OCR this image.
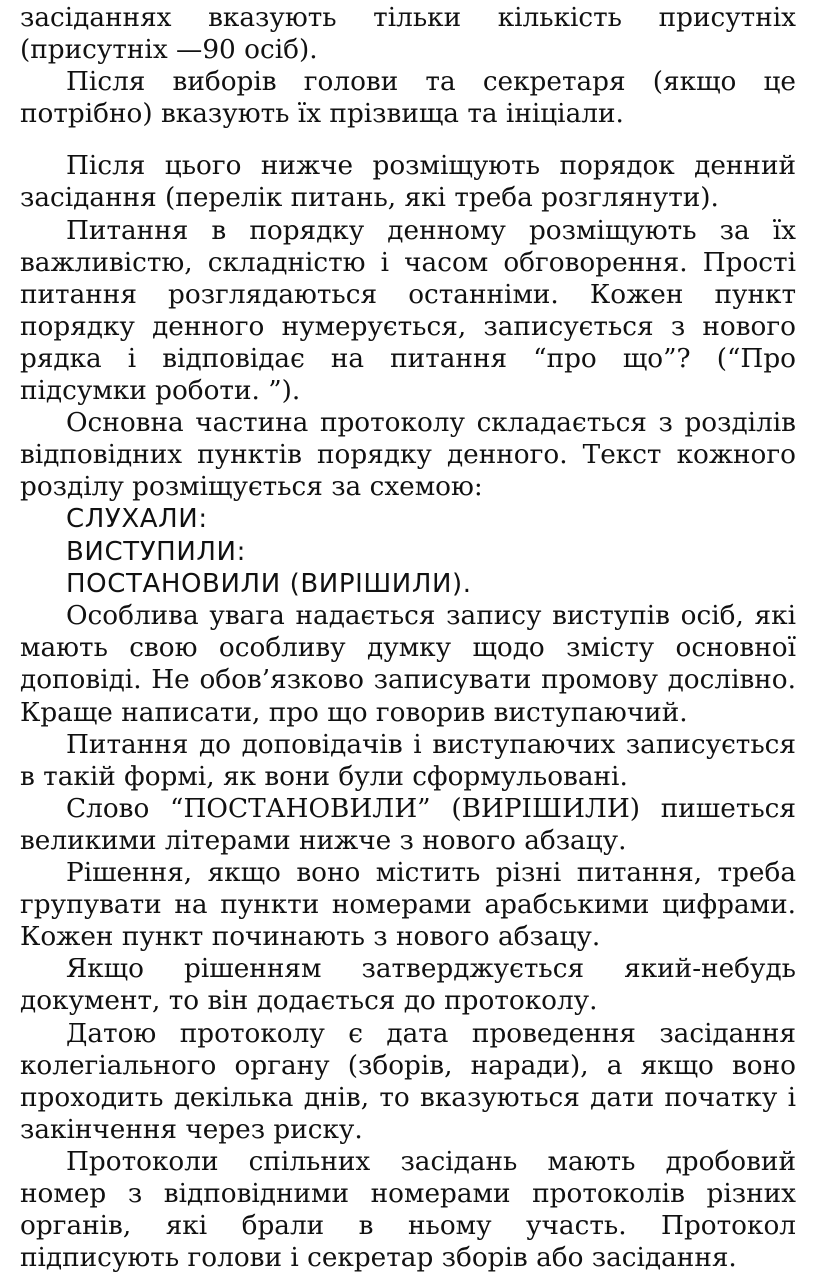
засіданнях вказують тільки кількість присутніх (присутніх —90 осіб).

Після виборів голови та секретаря (якщо це потрібно) вказують їх прізвища та ініціали.

Після цього нижче розміщують порядок денний засідання (перелік питань, які треба розглянути).

Питання в порядку денному розміщують за їх важливістю, складністю і часом обговорення. Прості питання розглядаються останніми. Кожен пункт порядку денного нумерується, записується з нового рядка і відповідає на питання “про що”? (“Про підсумки роботи. ”).

Основна частина протоколу складається з розділів відповідних пунктів порядку денного. Текст кожного розділу розміщується за схемою:

СЛУХАЛИ:

ВИСТУПИЛИ:

ПОСТАНОВИЛИ (ВИРІШИЛИ).

Особлива увага надається запису виступів осіб, які мають свою особливу думку щодо змісту основної доповіді. Не обов’язково записувати промову дослівно. Краще написати, про що говорив виступаючий.

Питання до доповідачів і виступаючих записується в такій формі, як вони були сформульовані.

Слово “ПОСТАНОВИЛИ” (ВИРІШИЛИ) пишеться великими літерами нижче з нового абзацу.

Рішення, якщо воно містить різні питання, треба групувати на пункти номерами арабськими цифрами. Кожен пункт починають з нового абзацу.

Якщо рішенням затверджується який-небудь документ, то він додається до протоколу.

Датою протоколу є дата проведення засідання колегіального органу (зборів, наради), а якщо воно проходить декілька днів, то вказуються дати початку і закінчення через риску.

Протоколи спільних засідань мають дробовий номер з відповідними номерами протоколів різних органів, які брали в ньому участь. Протокол підписують голови і секретар зборів або засідання.
